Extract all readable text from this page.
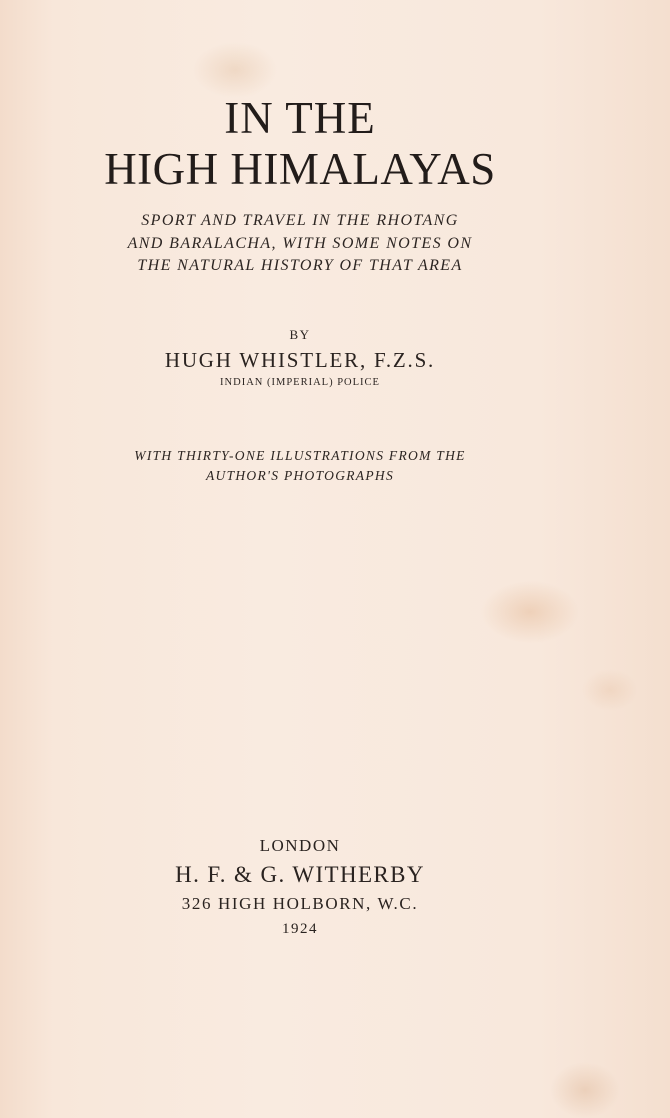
IN THE
HIGH HIMALAYAS
SPORT AND TRAVEL IN THE RHOTANG
AND BARALACHA, WITH SOME NOTES ON
THE NATURAL HISTORY OF THAT AREA
BY
HUGH WHISTLER, F.Z.S.
INDIAN (IMPERIAL) POLICE
WITH THIRTY-ONE ILLUSTRATIONS FROM THE
AUTHOR'S PHOTOGRAPHS
LONDON
H. F. & G. WITHERBY
326 HIGH HOLBORN, W.C.
1924
